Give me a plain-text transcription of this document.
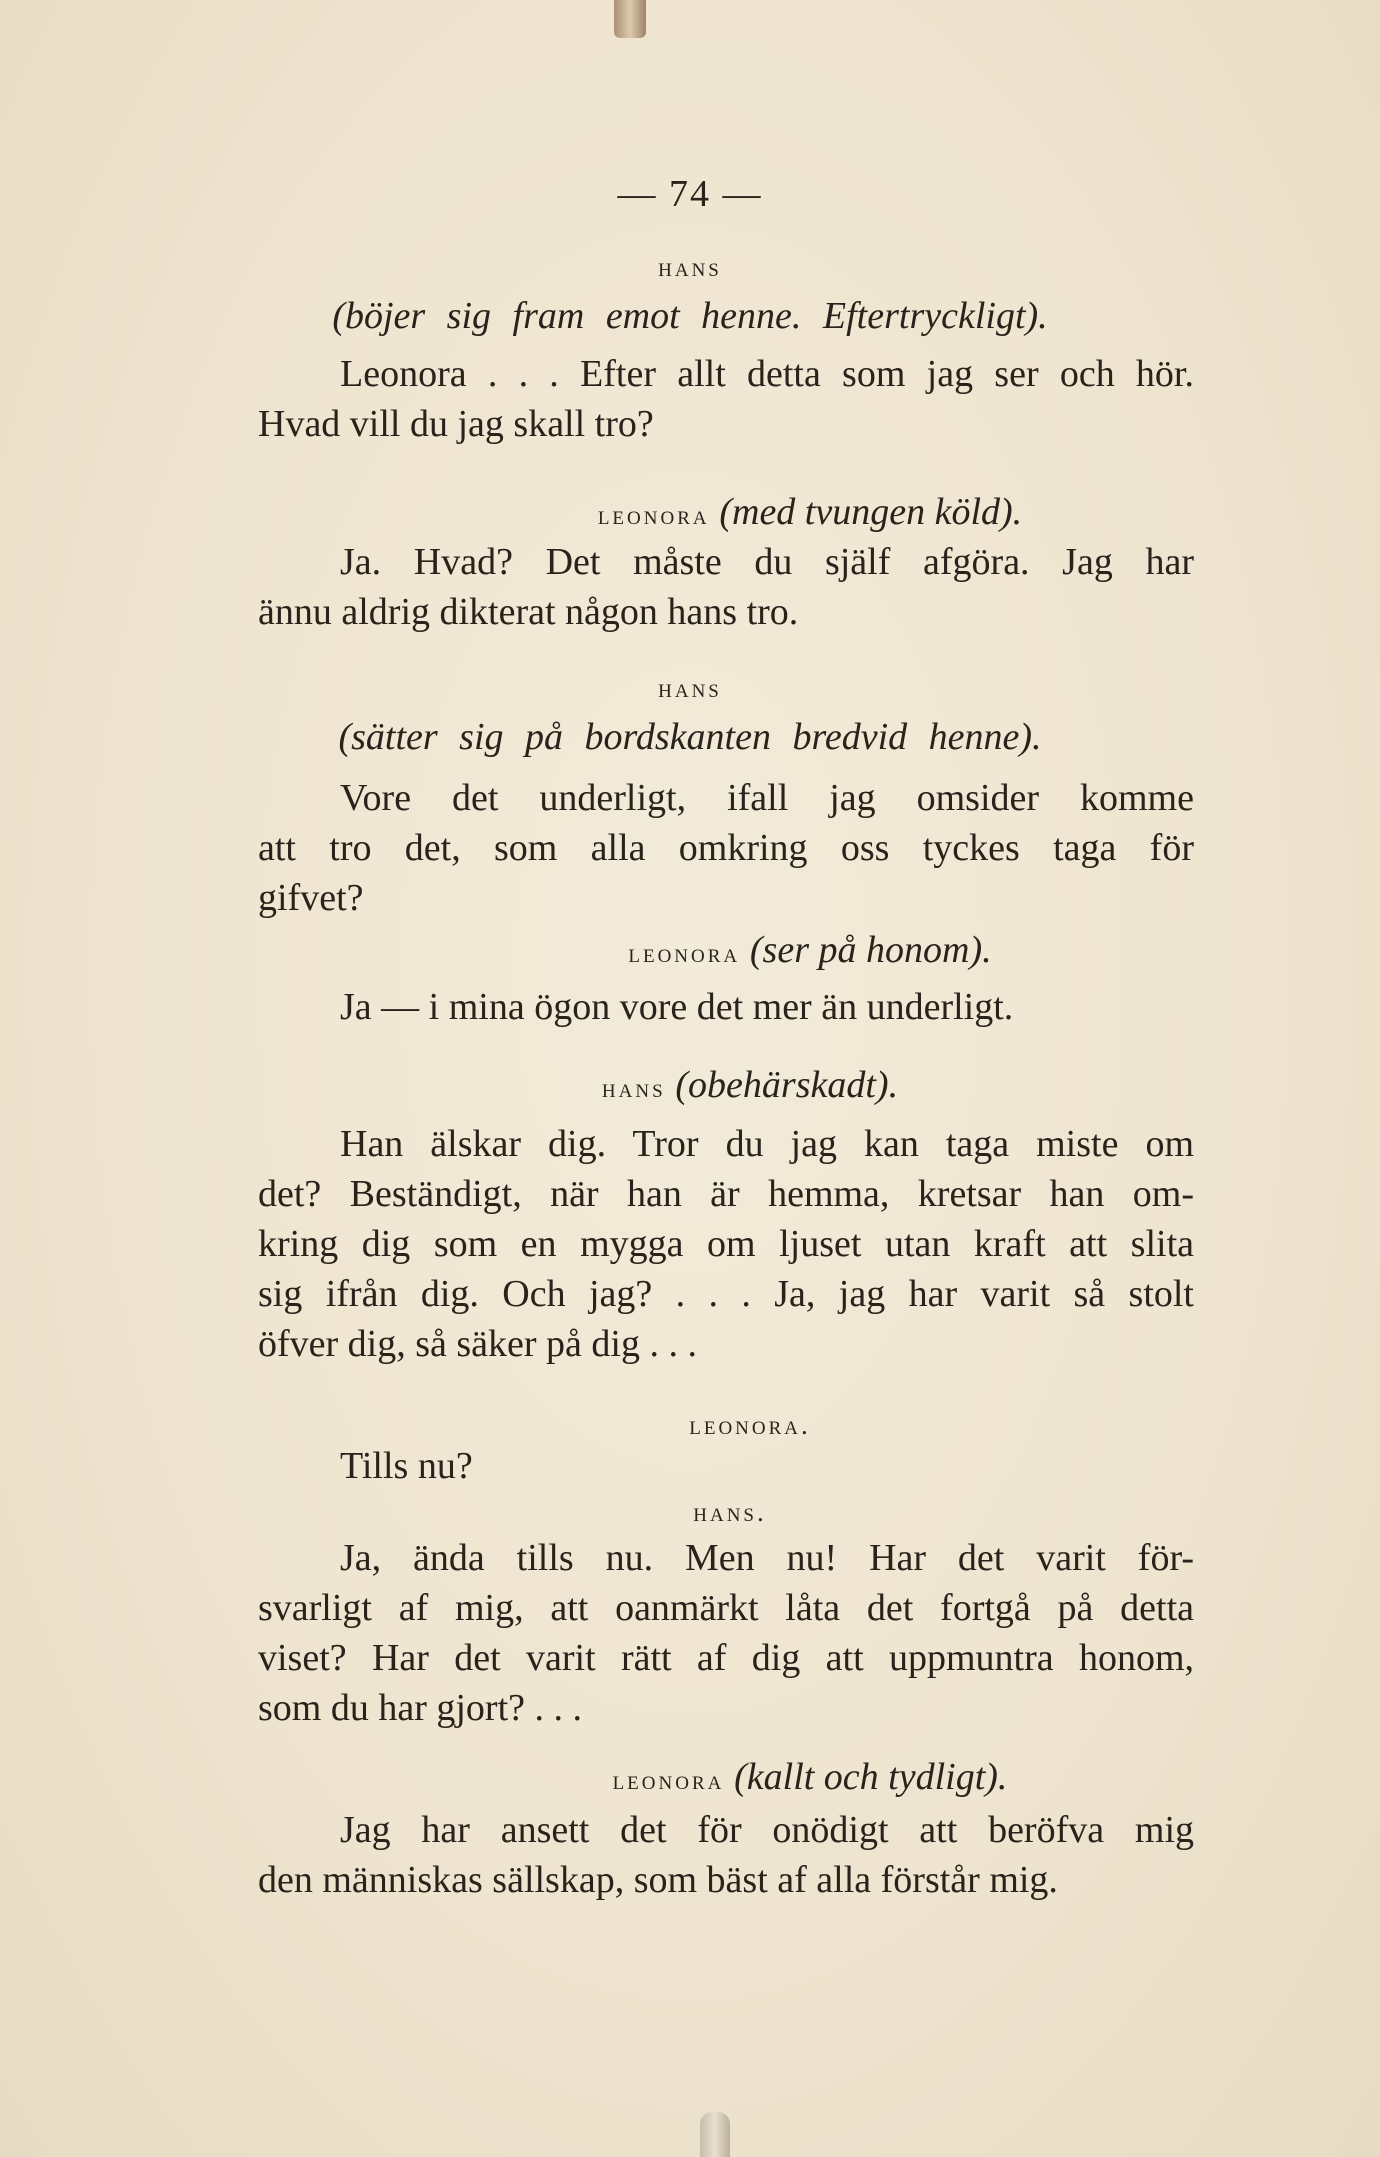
— 74 —
hans
(böjer sig fram emot henne. Eftertryckligt).
Leonora . . . Efter allt detta som jag ser och hör.
Hvad vill du jag skall tro?
leonora (med tvungen köld).
Ja. Hvad? Det måste du själf afgöra. Jag har
ännu aldrig dikterat någon hans tro.
hans
(sätter sig på bordskanten bredvid henne).
Vore det underligt, ifall jag omsider komme
att tro det, som alla omkring oss tyckes taga för
gifvet?
leonora (ser på honom).
Ja — i mina ögon vore det mer än underligt.
hans (obehärskadt).
Han älskar dig. Tror du jag kan taga miste om
det? Beständigt, när han är hemma, kretsar han om-
kring dig som en mygga om ljuset utan kraft att slita
sig ifrån dig. Och jag? . . . Ja, jag har varit så stolt
öfver dig, så säker på dig . . .
leonora.
Tills nu?
hans.
Ja, ända tills nu. Men nu! Har det varit för-
svarligt af mig, att oanmärkt låta det fortgå på detta
viset? Har det varit rätt af dig att uppmuntra honom,
som du har gjort? . . .
leonora (kallt och tydligt).
Jag har ansett det för onödigt att beröfva mig
den människas sällskap, som bäst af alla förstår mig.
